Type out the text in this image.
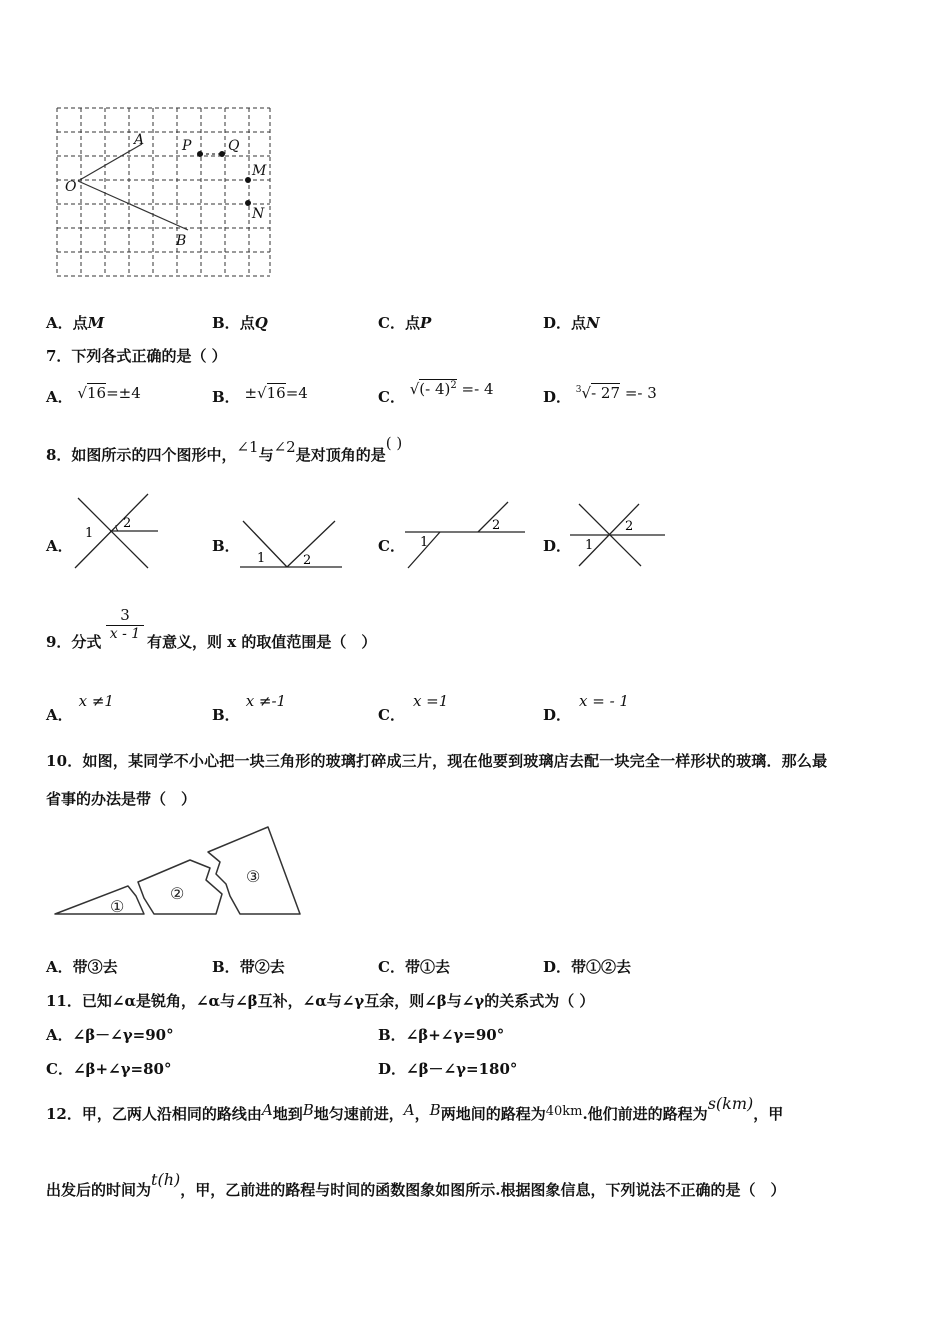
A
O
B
P	Q
M
N
A．点M	B．点Q	C．点P	D．点N
7．下列各式正确的是（ ）
A． √16=±4	B． ±√16=4	C． √(- 4)$^2$ =- 4	D． $^3$√- 27 =- 3
8．如图所示的四个图形中，∠1与∠2是对顶角的是( )
A．
1
2
B．
1	2
C． 1
2
D． 1
2
9．分式
3
x - 1 有意义，则 x 的取值范围是（　）
A．x ≠1
B．x ≠-1
C．x =1
D．x = - 1
10．如图，某同学不小心把一块三角形的玻璃打碎成三片，现在他要到玻璃店去配一块完全一样形状的玻璃．那么最
省事的办法是带（　）
①
②
③
A．带③去	B．带②去	C．带①去	D．带①②去
11．已知∠α是锐角，∠α与∠β互补，∠α与∠γ互余，则∠β与∠γ的关系式为（ ）
A．∠β－∠γ=90°	B．∠β+∠γ=90°
C．∠β+∠γ=80°	D．∠β－∠γ=180°
12．甲，乙两人沿相同的路线由A地到B地匀速前进，A，B两地间的路程为40km.他们前进的路程为s(km)，甲
出发后的时间为t(h)，甲，乙前进的路程与时间的函数图象如图所示.根据图象信息，下列说法不正确的是（　）
